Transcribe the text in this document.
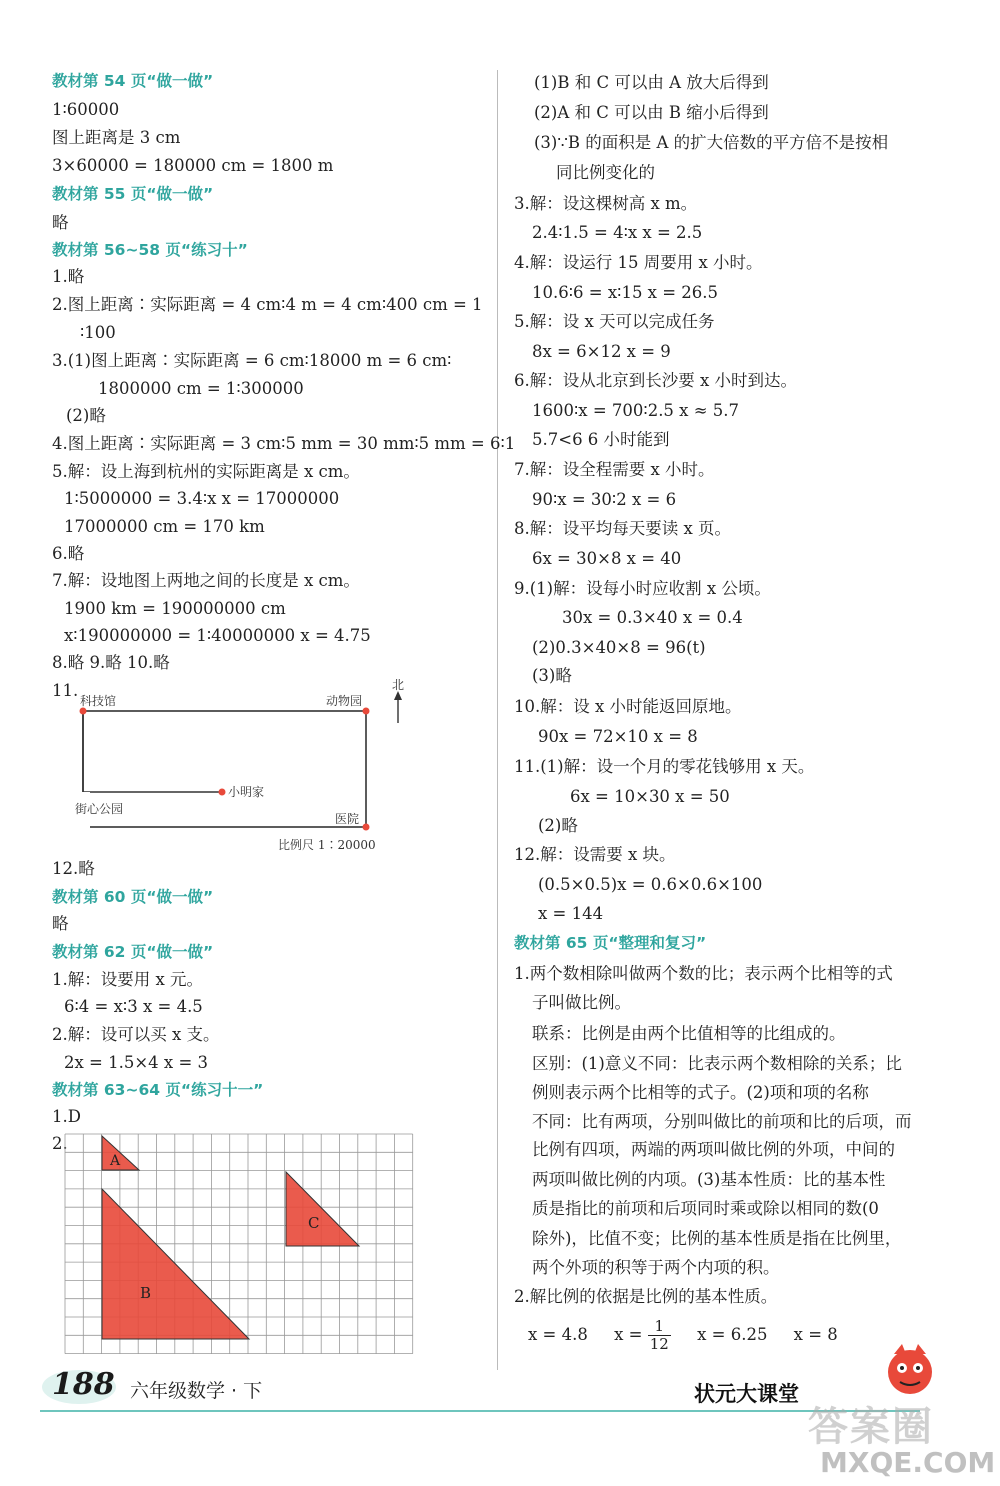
教材第 54 页“做一做”
1∶60000
图上距离是 3 cm
3×60000 = 180000 cm = 1800 m
教材第 55 页“做一做”
略
教材第 56~58 页“练习十”
1.略
2.图上距离∶实际距离 = 4 cm∶4 m = 4 cm∶400 cm = 1
∶100
3.(1)图上距离∶实际距离 = 6 cm∶18000 m = 6 cm∶
1800000 cm = 1∶300000
(2)略
4.图上距离∶实际距离 = 3 cm∶5 mm = 30 mm∶5 mm = 6∶1
5.解：设上海到杭州的实际距离是 x cm。
1∶5000000 = 3.4∶x x = 17000000
17000000 cm = 170 km
6.略
7.解：设地图上两地之间的长度是 x cm。
1900 km = 190000000 cm
x∶190000000 = 1∶40000000 x = 4.75
8.略 9.略 10.略
11.
12.略
教材第 60 页“做一做”
略
教材第 62 页“做一做”
1.解：设要用 x 元。
6∶4 = x∶3 x = 4.5
2.解：设可以买 x 支。
2x = 1.5×4 x = 3
教材第 63~64 页“练习十一”
1.D
2.
(1)B 和 C 可以由 A 放大后得到
(2)A 和 C 可以由 B 缩小后得到
(3)∵B 的面积是 A 的扩大倍数的平方倍不是按相
同比例变化的
3.解：设这棵树高 x m。
2.4∶1.5 = 4∶x x = 2.5
4.解：设运行 15 周要用 x 小时。
10.6∶6 = x∶15 x = 26.5
5.解：设 x 天可以完成任务
8x = 6×12 x = 9
6.解：设从北京到长沙要 x 小时到达。
1600∶x = 700∶2.5 x ≈ 5.7
5.7<6 6 小时能到
7.解：设全程需要 x 小时。
90∶x = 30∶2 x = 6
8.解：设平均每天要读 x 页。
6x = 30×8 x = 40
9.(1)解：设每小时应收割 x 公顷。
30x = 0.3×40 x = 0.4
(2)0.3×40×8 = 96(t)
(3)略
10.解：设 x 小时能返回原地。
90x = 72×10 x = 8
11.(1)解：设一个月的零花钱够用 x 天。
6x = 10×30 x = 50
(2)略
12.解：设需要 x 块。
(0.5×0.5)x = 0.6×0.6×100
x = 144
教材第 65 页“整理和复习”
1.两个数相除叫做两个数的比；表示两个比相等的式
子叫做比例。
联系：比例是由两个比值相等的比组成的。
区别：(1)意义不同：比表示两个数相除的关系；比
例则表示两个比相等的式子。(2)项和项的名称
不同：比有两项，分别叫做比的前项和比的后项，而
比例有四项，两端的两项叫做比例的外项，中间的
两项叫做比例的内项。(3)基本性质：比的基本性
质是指比的前项和后项同时乘或除以相同的数(0
除外)，比值不变；比例的基本性质是指在比例里，
两个外项的积等于两个内项的积。
2.解比例的依据是比例的基本性质。
科技馆	动物园
小明家
街心公园
医院
北
比例尺 1∶20000
A
B
C
x = 4.8 $x = \frac{1}{12}$ x = 6.25 x = 8
188 六年级数学 · 下	状元大课堂
答案圈
MXQE.COM
